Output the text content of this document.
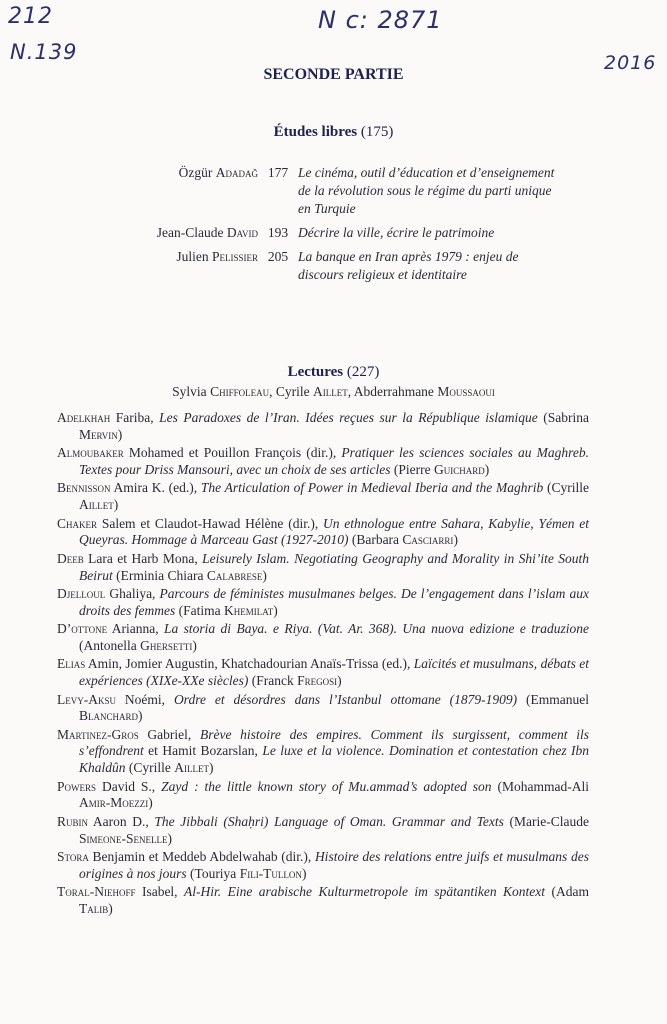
212
N.139
N c: 2871
2016
SECONDE PARTIE
Études libres (175)
Özgür Adadağ 177 Le cinéma, outil d’éducation et d’enseignement de la révolution sous le régime du parti unique en Turquie
Jean-Claude David 193 Décrire la ville, écrire le patrimoine
Julien Pelissier 205 La banque en Iran après 1979 : enjeu de discours religieux et identitaire
Lectures (227)
Sylvia Chiffoleau, Cyrile Aillet, Abderrahmane Moussaoui
Adelkhah Fariba, Les Paradoxes de l’Iran. Idées reçues sur la République islamique (Sabrina Mervin)
Almoubaker Mohamed et Pouillon François (dir.), Pratiquer les sciences sociales au Maghreb. Textes pour Driss Mansouri, avec un choix de ses articles (Pierre Guichard)
Bennisson Amira K. (ed.), The Articulation of Power in Medieval Iberia and the Maghrib (Cyrille Aillet)
Chaker Salem et Claudot-Hawad Hélène (dir.), Un ethnologue entre Sahara, Kabylie, Yémen et Queyras. Hommage à Marceau Gast (1927-2010) (Barbara Casciarri)
Deeb Lara et Harb Mona, Leisurely Islam. Negotiating Geography and Morality in Shi’ite South Beirut (Erminia Chiara Calabrese)
Djelloul Ghaliya, Parcours de féministes musulmanes belges. De l’engagement dans l’islam aux droits des femmes (Fatima Khemilat)
D’ottone Arianna, La storia di Baya. e Riya. (Vat. Ar. 368). Una nuova edizione e traduzione (Antonella Ghersetti)
Elias Amin, Jomier Augustin, Khatchadourian Anaïs-Trissa (ed.), Laïcités et musulmans, débats et expériences (XIXe-XXe siècles) (Franck Fregosi)
Levy-Aksu Noémi, Ordre et désordres dans l’Istanbul ottomane (1879-1909) (Emmanuel Blanchard)
Martinez-Gros Gabriel, Brève histoire des empires. Comment ils surgissent, comment ils s’effondrent et Hamit Bozarslan, Le luxe et la violence. Domination et contestation chez Ibn Khaldûn (Cyrille Aillet)
Powers David S., Zayd : the little known story of Mu.ammad’s adopted son (Mohammad-Ali Amir-Moezzi)
Rubin Aaron D., The Jibbali (Shaḥri) Language of Oman. Grammar and Texts (Marie-Claude Simeone-Senelle)
Stora Benjamin et Meddeb Abdelwahab (dir.), Histoire des relations entre juifs et musulmans des origines à nos jours (Touriya Fili-Tullon)
Toral-Niehoff Isabel, Al-Hir. Eine arabische Kulturmetropole im spätantiken Kontext (Adam Talib)
